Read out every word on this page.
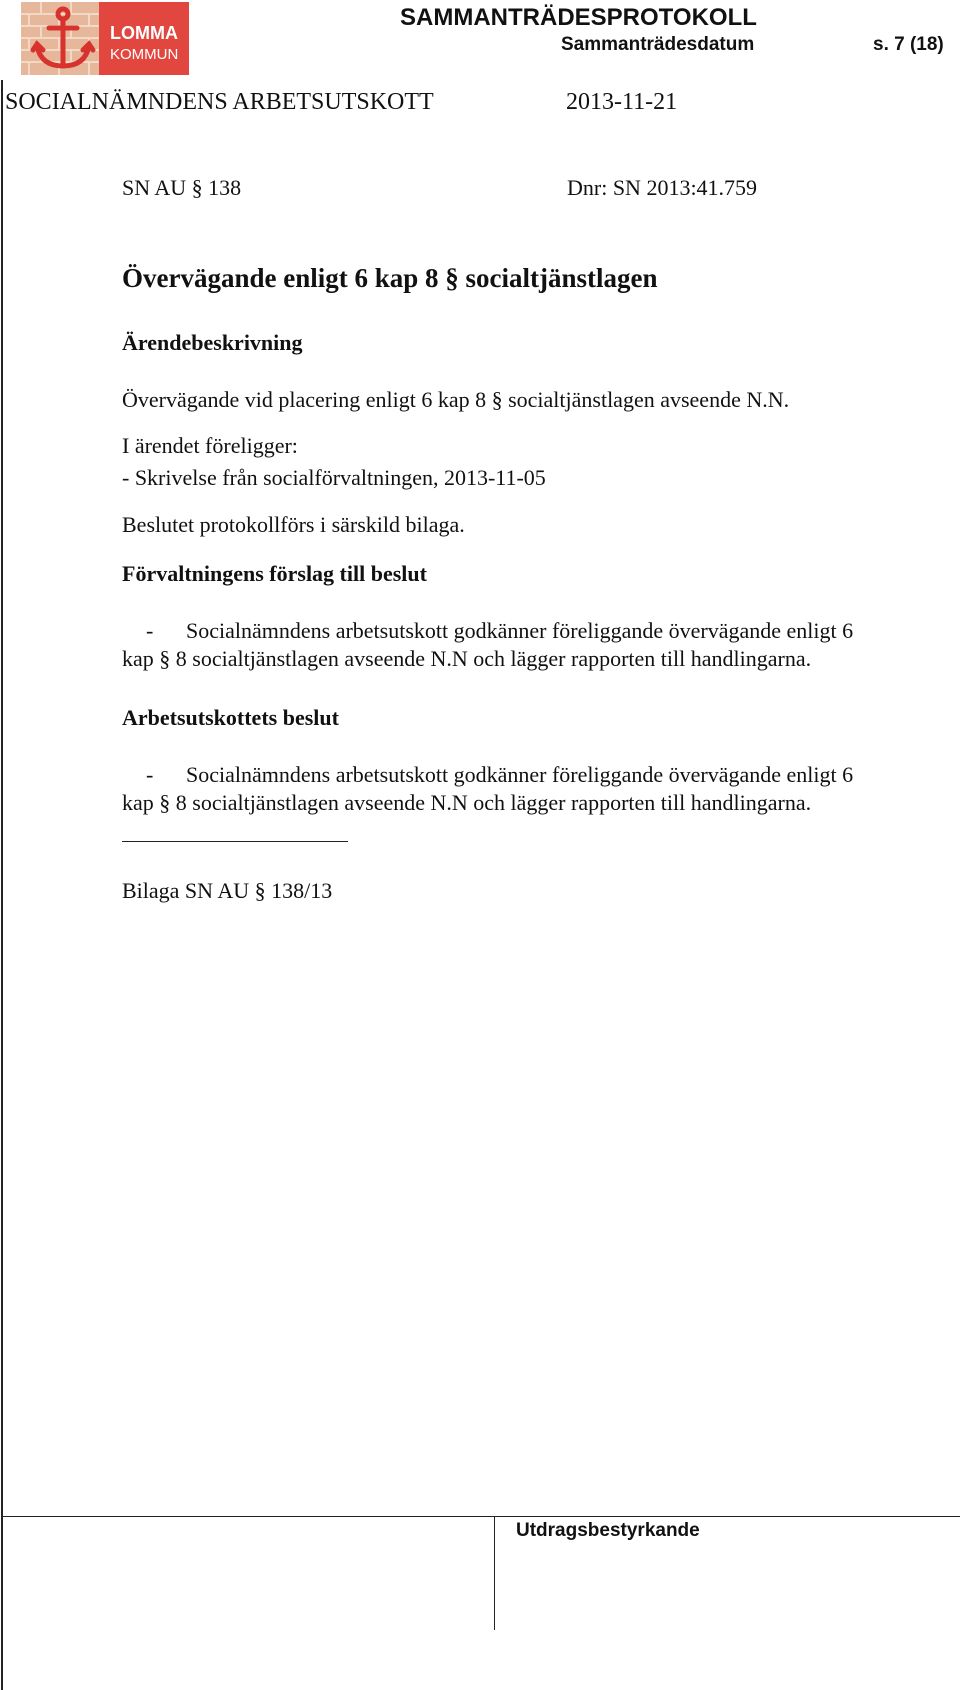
LOMMA
KOMMUN
SAMMANTRÄDESPROTOKOLL
Sammanträdesdatum	s. 7 (18)
SOCIALNÄMNDENS ARBETSUTSKOTT	2013-11-21
SN AU § 138	Dnr: SN 2013:41.759
Övervägande enligt 6 kap 8 § socialtjänstlagen
Ärendebeskrivning
Övervägande vid placering enligt 6 kap 8 § socialtjänstlagen avseende N.N.
I ärendet föreligger:
- Skrivelse från socialförvaltningen, 2013-11-05
Beslutet protokollförs i särskild bilaga.
Förvaltningens förslag till beslut
- Socialnämndens arbetsutskott godkänner föreliggande övervägande enligt 6
kap § 8 socialtjänstlagen avseende N.N och lägger rapporten till handlingarna.
Arbetsutskottets beslut
- Socialnämndens arbetsutskott godkänner föreliggande övervägande enligt 6
kap § 8 socialtjänstlagen avseende N.N och lägger rapporten till handlingarna.
Bilaga SN AU § 138/13
Utdragsbestyrkande
